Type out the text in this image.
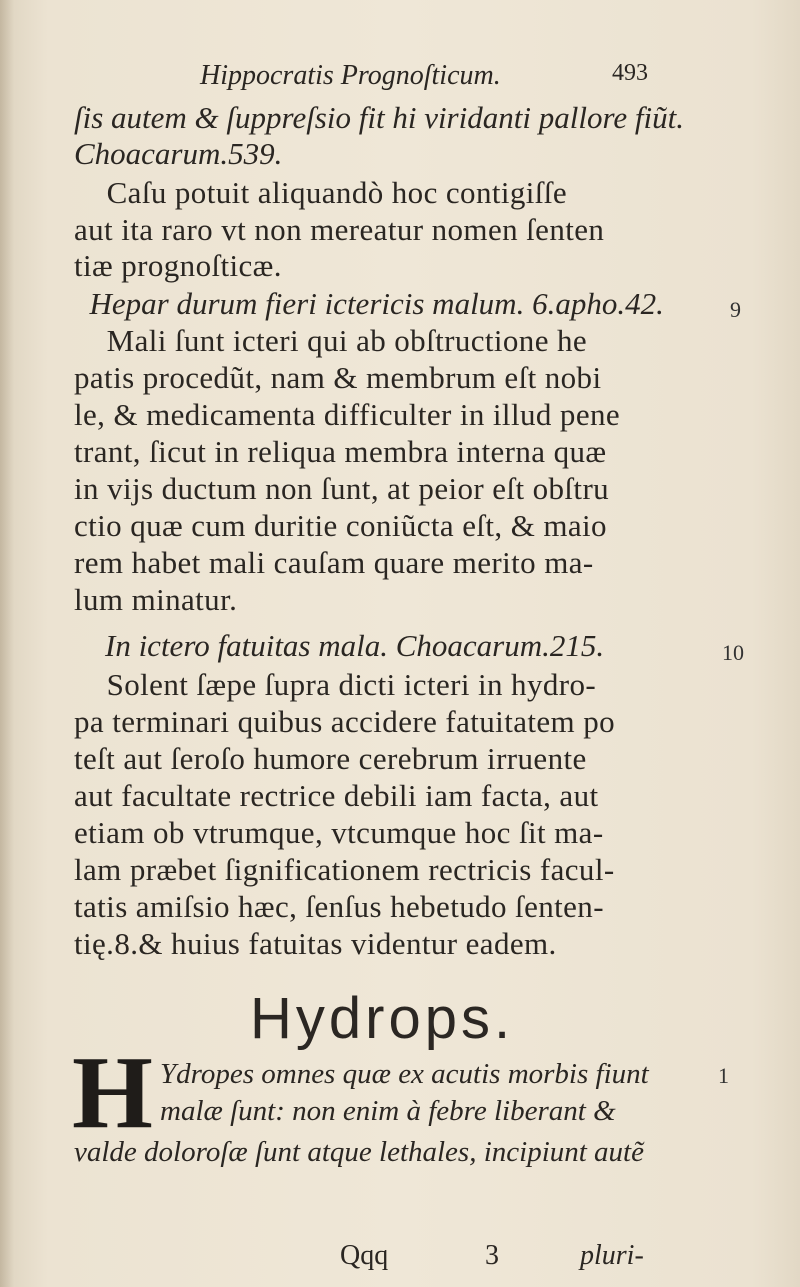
Hippocratis Prognoſticum.	493
ſis autem & ſuppreſsio fit hi viridanti pallore fiũt.
Choacarum.539.
Caſu potuit aliquandò hoc contigiſſe
aut ita raro vt non mereatur nomen ſenten
tiæ prognoſticæ.
Hepar durum fieri ictericis malum. 6.apho.42.
Mali ſunt icteri qui ab obſtructione he
patis procedũt, nam & membrum eſt nobi
le, & medicamenta difficulter in illud pene
trant, ſicut in reliqua membra interna quæ
in vijs ductum non ſunt, at peior eſt obſtru
ctio quæ cum duritie coniũcta eſt, & maio
rem habet mali cauſam quare merito ma-
lum minatur.
In ictero fatuitas mala. Choacarum.215.
Solent ſæpe ſupra dicti icteri in hydro-
pa terminari quibus accidere fatuitatem po
teſt aut ſeroſo humore cerebrum irruente
aut facultate rectrice debili iam facta, aut
etiam ob vtrumque, vtcumque hoc ſit ma-
lam præbet ſignificationem rectricis facul-
tatis amiſsio hæc, ſenſus hebetudo ſenten-
tię.8.& huius fatuitas videntur eadem.
Hydrops.
H Ydropes omnes quæ ex acutis morbis fiunt
malæ ſunt: non enim à febre liberant &
valde doloroſæ ſunt atque lethales, incipiunt autẽ
9
10
1
Qqq	3	pluri-
